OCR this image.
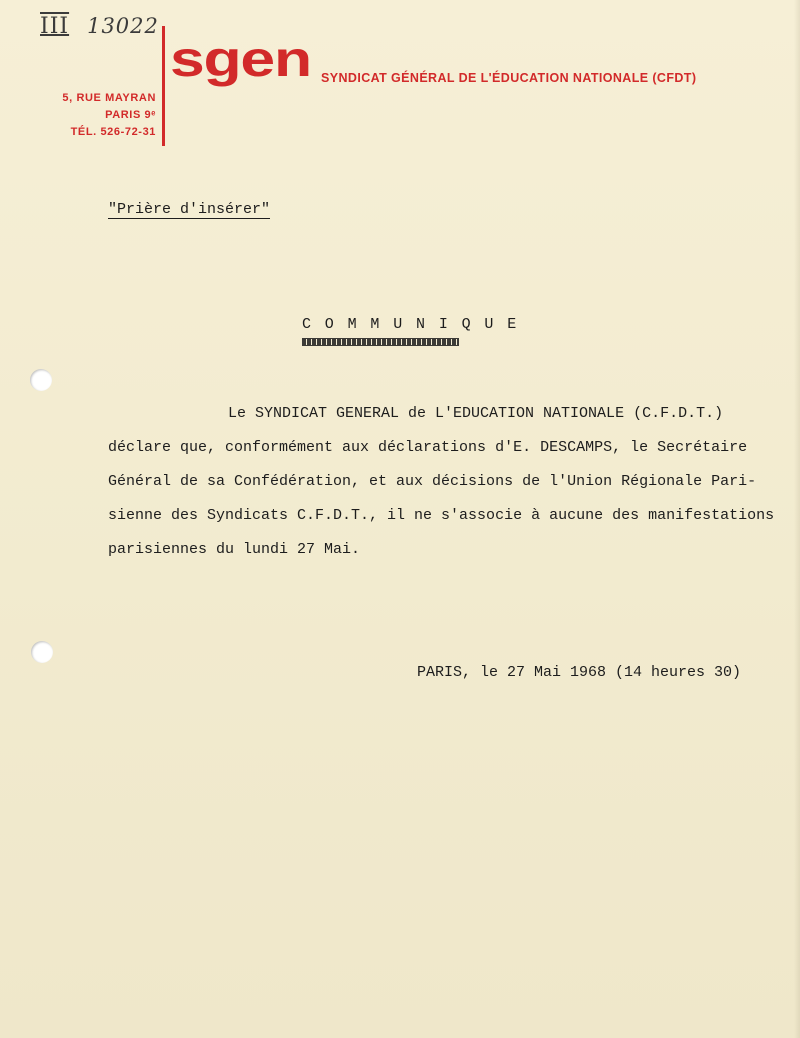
III 13022
5, RUE MAYRAN
PARIS 9ᵉ
TÉL. 526-72-31
sgen SYNDICAT GÉNÉRAL DE L'ÉDUCATION NATIONALE (CFDT)
"Prière d'insérer"
C O M M U N I Q U E

Le SYNDICAT GENERAL de L'EDUCATION NATIONALE (C.F.D.T.)

déclare que, conformément aux déclarations d'E. DESCAMPS, le Secrétaire

Général de sa Confédération, et aux décisions de l'Union Régionale Pari-

sienne des Syndicats C.F.D.T., il ne s'associe à aucune des manifestations

parisiennes du lundi 27 Mai.

PARIS, le 27 Mai 1968 (14 heures 30)
